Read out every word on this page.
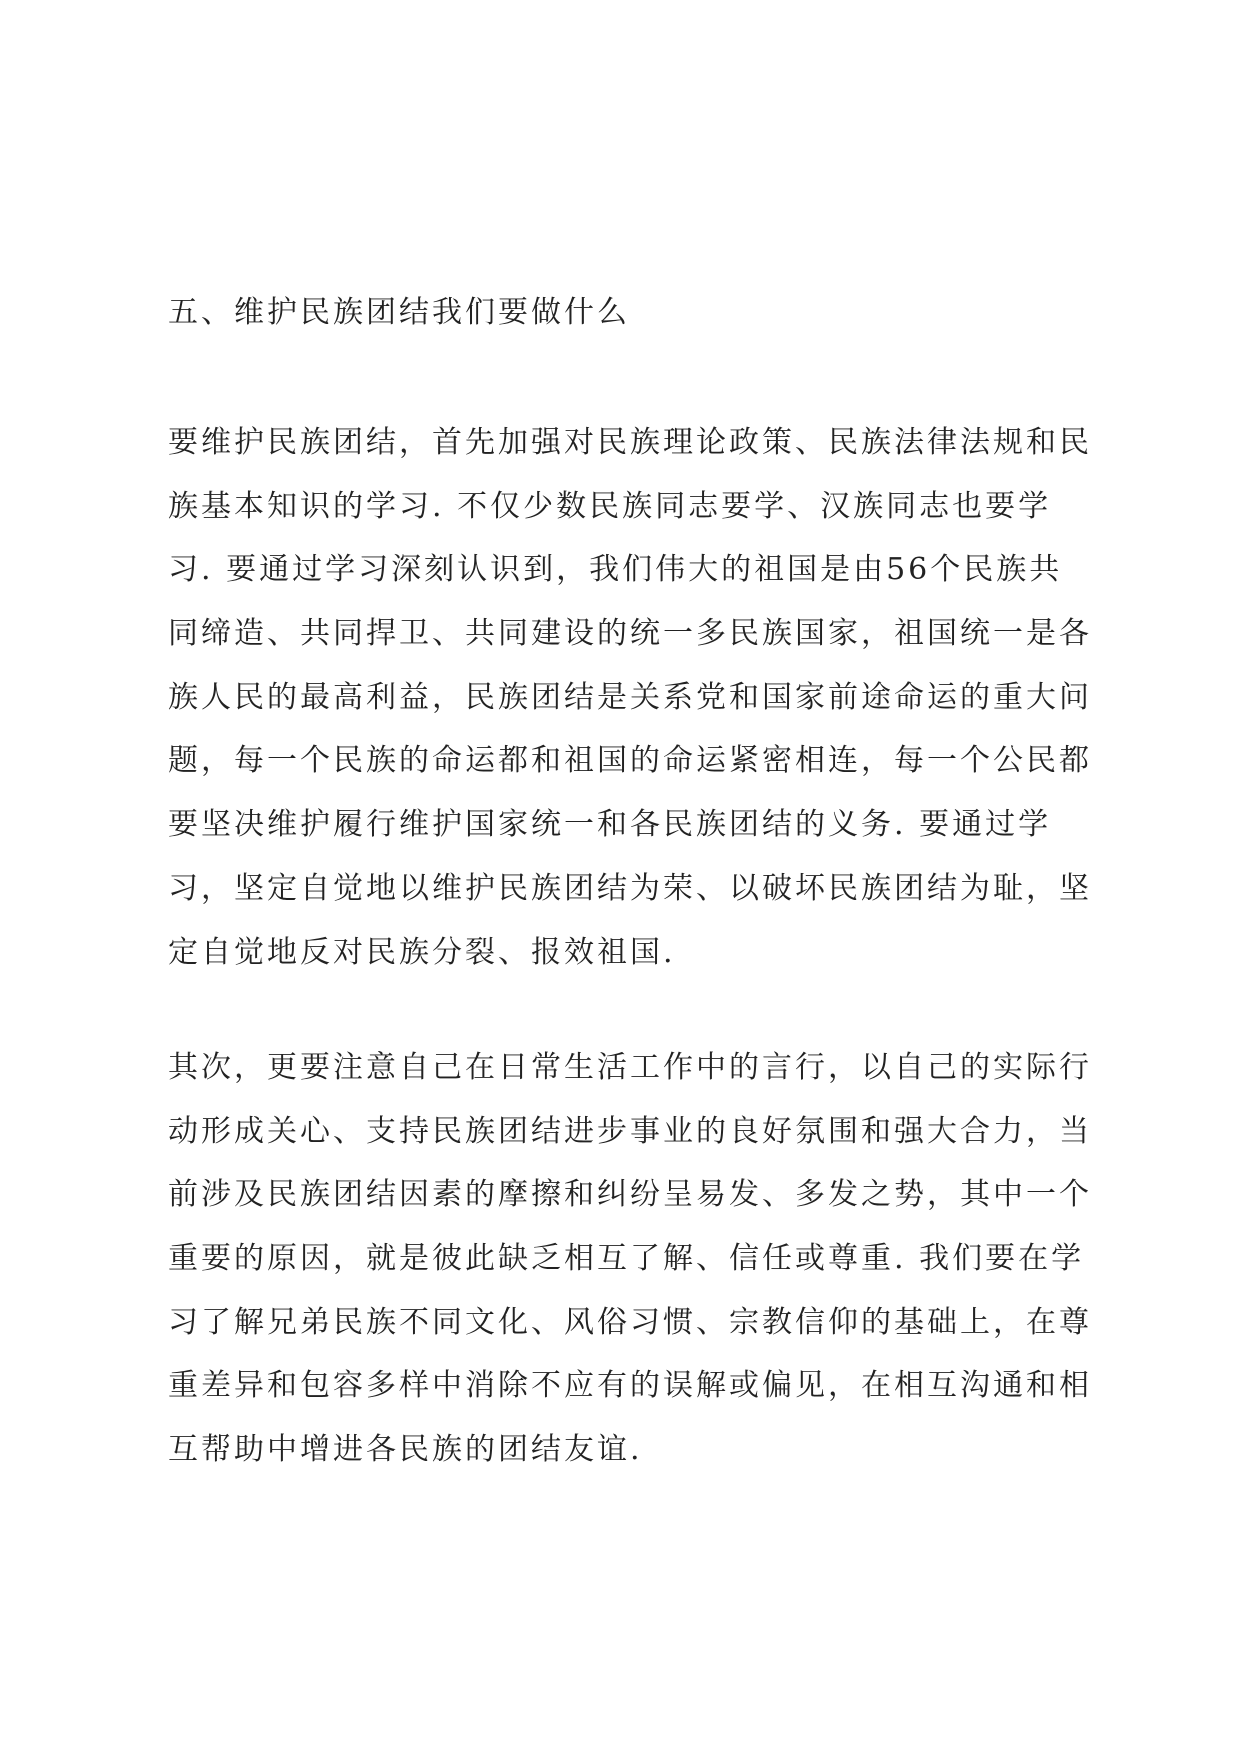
五、维护民族团结我们要做什么
要维护民族团结，首先加强对民族理论政策、民族法律法规和民
族基本知识的学习. 不仅少数民族同志要学、汉族同志也要学
习. 要通过学习深刻认识到，我们伟大的祖国是由56个民族共
同缔造、共同捍卫、共同建设的统一多民族国家，祖国统一是各
族人民的最高利益，民族团结是关系党和国家前途命运的重大问
题，每一个民族的命运都和祖国的命运紧密相连，每一个公民都
要坚决维护履行维护国家统一和各民族团结的义务. 要通过学
习，坚定自觉地以维护民族团结为荣、以破坏民族团结为耻，坚
定自觉地反对民族分裂、报效祖国.
其次，更要注意自己在日常生活工作中的言行，以自己的实际行
动形成关心、支持民族团结进步事业的良好氛围和强大合力，当
前涉及民族团结因素的摩擦和纠纷呈易发、多发之势，其中一个
重要的原因，就是彼此缺乏相互了解、信任或尊重. 我们要在学
习了解兄弟民族不同文化、风俗习惯、宗教信仰的基础上，在尊
重差异和包容多样中消除不应有的误解或偏见，在相互沟通和相
互帮助中增进各民族的团结友谊.
